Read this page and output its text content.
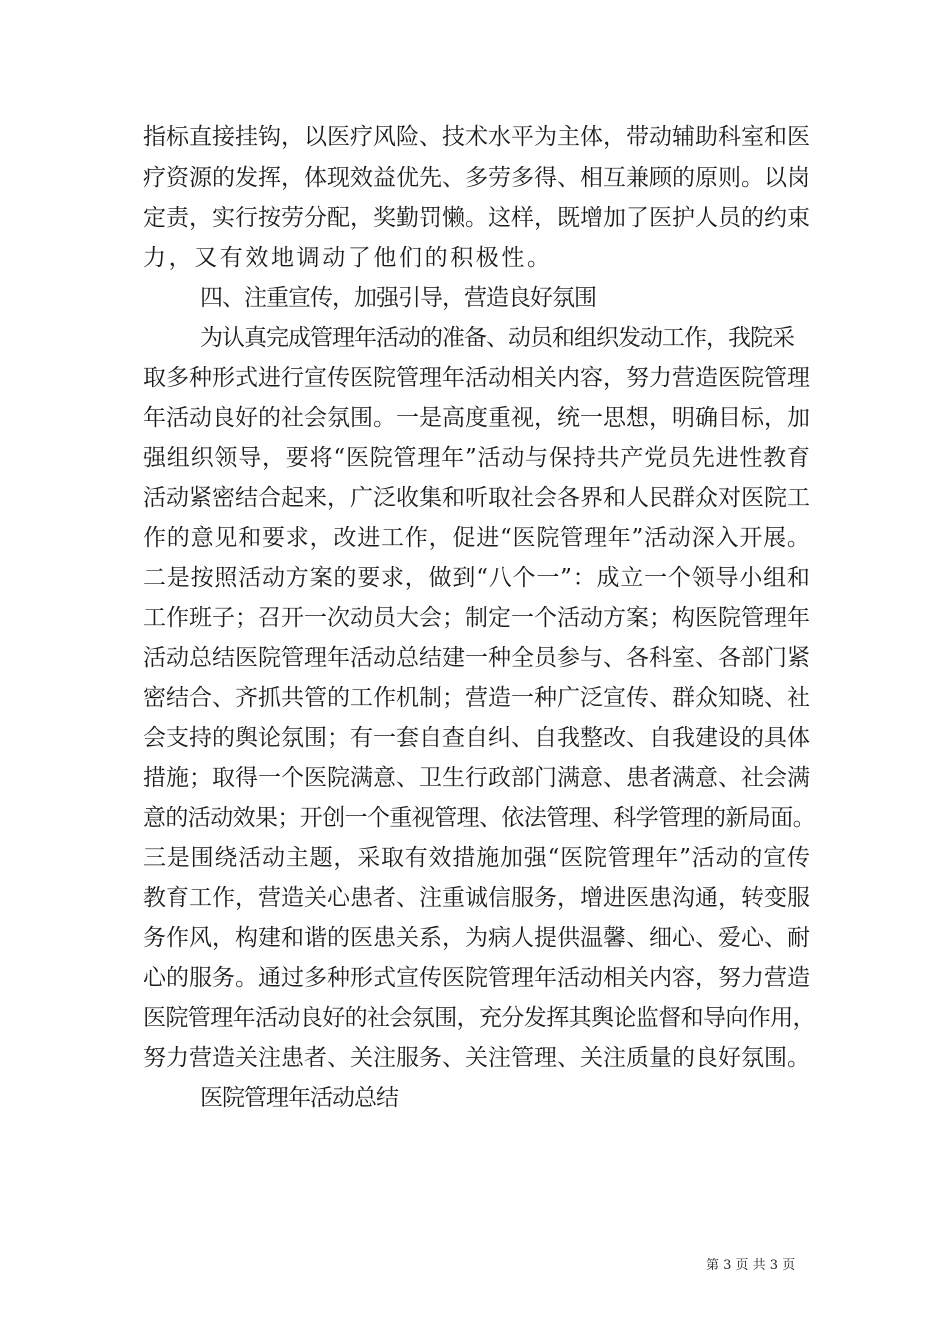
指标直接挂钩，以医疗风险、技术水平为主体，带动辅助科室和医
疗资源的发挥，体现效益优先、多劳多得、相互兼顾的原则。以岗
定责，实行按劳分配，奖勤罚懒。这样，既增加了医护人员的约束
力，又有效地调动了他们的积极性。
四、注重宣传，加强引导，营造良好氛围
为认真完成管理年活动的准备、动员和组织发动工作，我院采
取多种形式进行宣传医院管理年活动相关内容，努力营造医院管理
年活动良好的社会氛围。一是高度重视，统一思想，明确目标，加
强组织领导，要将“医院管理年”活动与保持共产党员先进性教育
活动紧密结合起来，广泛收集和听取社会各界和人民群众对医院工
作的意见和要求，改进工作，促进“医院管理年”活动深入开展。
二是按照活动方案的要求，做到“八个一”：成立一个领导小组和
工作班子；召开一次动员大会；制定一个活动方案；构医院管理年
活动总结医院管理年活动总结建一种全员参与、各科室、各部门紧
密结合、齐抓共管的工作机制；营造一种广泛宣传、群众知晓、社
会支持的舆论氛围；有一套自查自纠、自我整改、自我建设的具体
措施；取得一个医院满意、卫生行政部门满意、患者满意、社会满
意的活动效果；开创一个重视管理、依法管理、科学管理的新局面。
三是围绕活动主题，采取有效措施加强“医院管理年”活动的宣传
教育工作，营造关心患者、注重诚信服务，增进医患沟通，转变服
务作风，构建和谐的医患关系，为病人提供温馨、细心、爱心、耐
心的服务。通过多种形式宣传医院管理年活动相关内容，努力营造
医院管理年活动良好的社会氛围，充分发挥其舆论监督和导向作用，
努力营造关注患者、关注服务、关注管理、关注质量的良好氛围。
医院管理年活动总结
第 3 页 共 3 页
